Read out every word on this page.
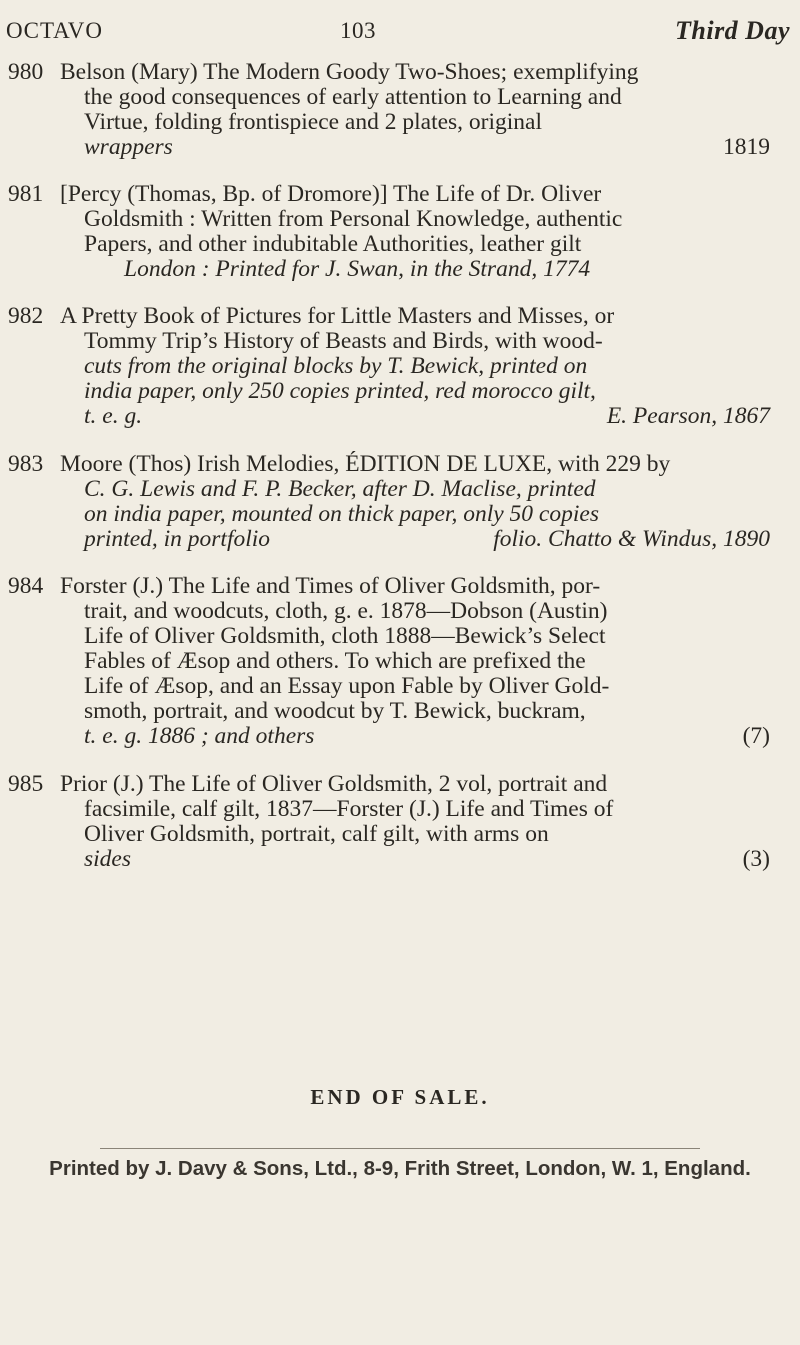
OCTAVO	103	Third Day
980 Belson (Mary) The Modern Goody Two-Shoes; exemplifying
the good consequences of early attention to Learning and
Virtue, folding frontispiece and 2 plates, original
wrappers	1819
981 [Percy (Thomas, Bp. of Dromore)] The Life of Dr. Oliver
Goldsmith : Written from Personal Knowledge, authentic
Papers, and other indubitable Authorities, leather gilt
London : Printed for J. Swan, in the Strand, 1774
982 A Pretty Book of Pictures for Little Masters and Misses, or
Tommy Trip’s History of Beasts and Birds, with wood-
cuts from the original blocks by T. Bewick, printed on
india paper, only 250 copies printed, red morocco gilt,
t. e. g.	E. Pearson, 1867
983 Moore (Thos) Irish Melodies, ÉDITION DE LUXE, with 229 by
C. G. Lewis and F. P. Becker, after D. Maclise, printed
on india paper, mounted on thick paper, only 50 copies
printed, in portfolio	folio. Chatto & Windus, 1890
984 Forster (J.) The Life and Times of Oliver Goldsmith, por-
trait, and woodcuts, cloth, g. e. 1878—Dobson (Austin)
Life of Oliver Goldsmith, cloth 1888—Bewick’s Select
Fables of Æsop and others. To which are prefixed the
Life of Æsop, and an Essay upon Fable by Oliver Gold-
smoth, portrait, and woodcut by T. Bewick, buckram,
t. e. g. 1886 ; and others	(7)
985 Prior (J.) The Life of Oliver Goldsmith, 2 vol, portrait and
facsimile, calf gilt, 1837—Forster (J.) Life and Times of
Oliver Goldsmith, portrait, calf gilt, with arms on
sides	(3)
END OF SALE.
Printed by J. Davy & Sons, Ltd., 8-9, Frith Street, London, W. 1, England.
